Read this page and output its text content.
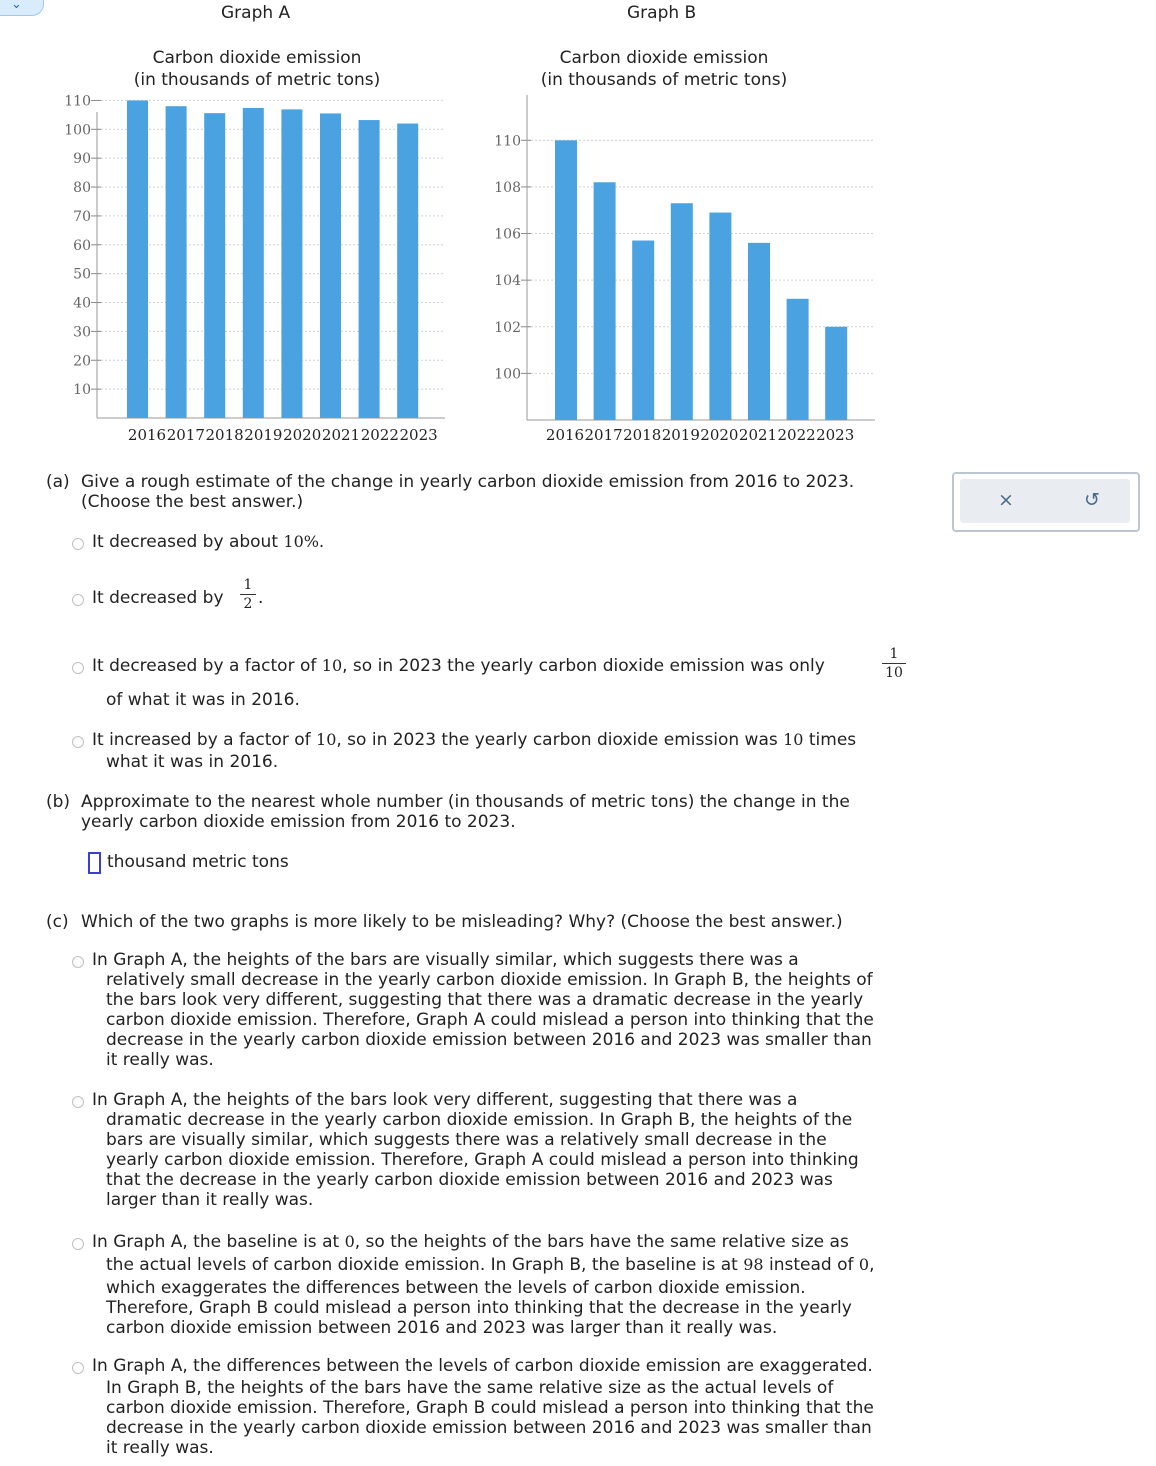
⌄	Graph A	Graph B
Carbon dioxide emission
(in thousands of metric tons)
Carbon dioxide emission
(in thousands of metric tons)
10
20
30
40
50
60
70
80
90
100
110
2016 2017 2018 2019 2020 2021 2022 2023
100
102
104
106
108
110
2016 2017 2018 2019 2020 2021 2022 2023
(a) Give a rough estimate of the change in yearly carbon dioxide emission from 2016 to 2023.
(Choose the best answer.)
It decreased by about 10%.
It decreased by $\frac{1}{2}$ .
It decreased by a factor of 10, so in 2023 the yearly carbon dioxide emission was only	$\frac{1}{10}$
of what it was in 2016.
It increased by a factor of 10, so in 2023 the yearly carbon dioxide emission was 10 times
what it was in 2016.
(b) Approximate to the nearest whole number (in thousands of metric tons) the change in the
yearly carbon dioxide emission from 2016 to 2023.
thousand metric tons
(c) Which of the two graphs is more likely to be misleading? Why? (Choose the best answer.)
In Graph A, the heights of the bars are visually similar, which suggests there was a
relatively small decrease in the yearly carbon dioxide emission. In Graph B, the heights of
the bars look very different, suggesting that there was a dramatic decrease in the yearly
carbon dioxide emission. Therefore, Graph A could mislead a person into thinking that the
decrease in the yearly carbon dioxide emission between 2016 and 2023 was smaller than
it really was.
In Graph A, the heights of the bars look very different, suggesting that there was a
dramatic decrease in the yearly carbon dioxide emission. In Graph B, the heights of the
bars are visually similar, which suggests there was a relatively small decrease in the
yearly carbon dioxide emission. Therefore, Graph A could mislead a person into thinking
that the decrease in the yearly carbon dioxide emission between 2016 and 2023 was
larger than it really was.
In Graph A, the baseline is at 0, so the heights of the bars have the same relative size as
the actual levels of carbon dioxide emission. In Graph B, the baseline is at 98 instead of 0,
which exaggerates the differences between the levels of carbon dioxide emission.
Therefore, Graph B could mislead a person into thinking that the decrease in the yearly
carbon dioxide emission between 2016 and 2023 was larger than it really was.
In Graph A, the differences between the levels of carbon dioxide emission are exaggerated.
In Graph B, the heights of the bars have the same relative size as the actual levels of
carbon dioxide emission. Therefore, Graph B could mislead a person into thinking that the
decrease in the yearly carbon dioxide emission between 2016 and 2023 was smaller than
it really was.
×	↺
